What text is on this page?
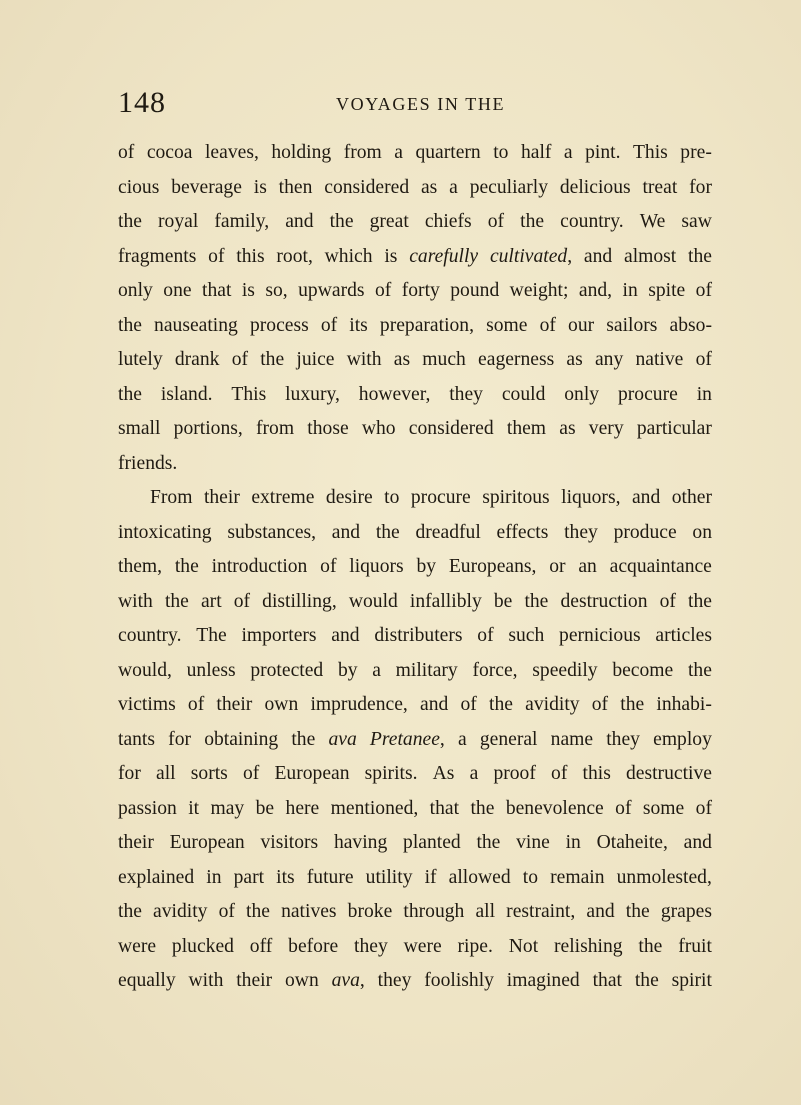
148	VOYAGES IN THE
of cocoa leaves, holding from a quartern to half a pint. This pre-
cious beverage is then considered as a peculiarly delicious treat for
the royal family, and the great chiefs of the country. We saw
fragments of this root, which is carefully cultivated, and almost the
only one that is so, upwards of forty pound weight; and, in spite of
the nauseating process of its preparation, some of our sailors abso-
lutely drank of the juice with as much eagerness as any native of
the island. This luxury, however, they could only procure in
small portions, from those who considered them as very particular
friends.
From their extreme desire to procure spiritous liquors, and other
intoxicating substances, and the dreadful effects they produce on
them, the introduction of liquors by Europeans, or an acquaintance
with the art of distilling, would infallibly be the destruction of the
country. The importers and distributers of such pernicious articles
would, unless protected by a military force, speedily become the
victims of their own imprudence, and of the avidity of the inhabi-
tants for obtaining the ava Pretanee, a general name they employ
for all sorts of European spirits. As a proof of this destructive
passion it may be here mentioned, that the benevolence of some of
their European visitors having planted the vine in Otaheite, and
explained in part its future utility if allowed to remain unmolested,
the avidity of the natives broke through all restraint, and the grapes
were plucked off before they were ripe. Not relishing the fruit
equally with their own ava, they foolishly imagined that the spirit
